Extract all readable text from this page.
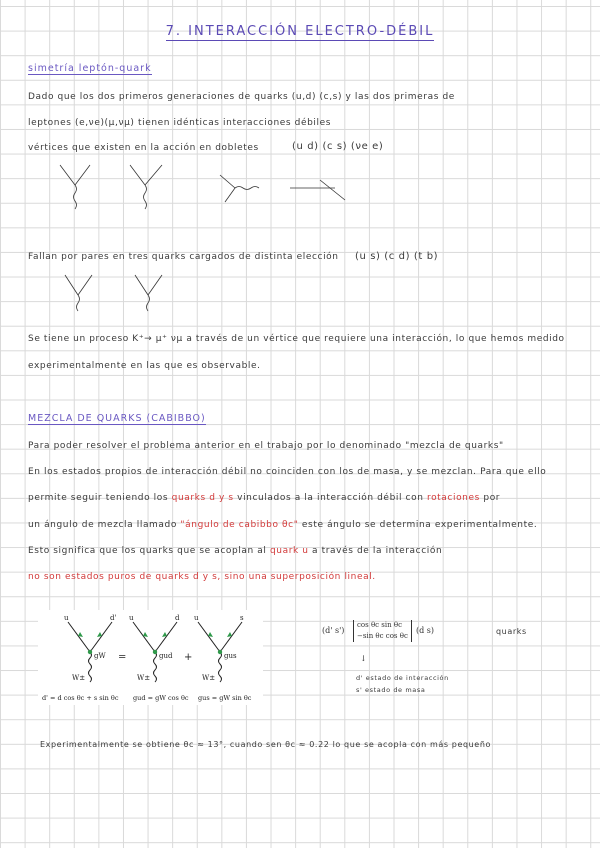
7. INTERACCIÓN ELECTRO-DÉBIL
simetría leptón-quark
Dado que los dos primeros generaciones de quarks (u,d) (c,s) y las dos primeras de
leptones (e,νe)(μ,νμ) tienen idénticas interacciones débiles
vértices que existen en la acción en dobletes	(u d) (c s) (νe e)
Fallan por pares en tres quarks cargados de distinta elección (u s) (c d) (t b)
Se tiene un proceso K⁺→ μ⁺ νμ a través de un vértice que requiere una interacción, lo que hemos medido
experimentalmente en las que es observable.
MEZCLA DE QUARKS (CABIBBO)
Para poder resolver el problema anterior en el trabajo por lo denominado "mezcla de quarks"
En los estados propios de interacción débil no coinciden con los de masa, y se mezclan. Para que ello
permite seguir teniendo los quarks d y s vinculados a la interacción débil con rotaciones por
un ángulo de mezcla llamado "ángulo de cabibbo θc" este ángulo se determina experimentalmente.
Esto significa que los quarks que se acoplan al quark u a través de la interacción
no son estados puros de quarks d y s, sino una superposición lineal.
u	d' u	d u	s
gW	gud	gus
W±	W±	W±
=	+
d' = d cos θc + s sin θc gud = gW cos θc gus = gW sin θc
(d' s')
cos θc sin θc
−sin θc cos θc
(d s)	quarks
↓
d' estado de interacción
s' estado de masa
Experimentalmente se obtiene θc ≈ 13°, cuando sen θc ≈ 0.22 lo que se acopla con más pequeño
